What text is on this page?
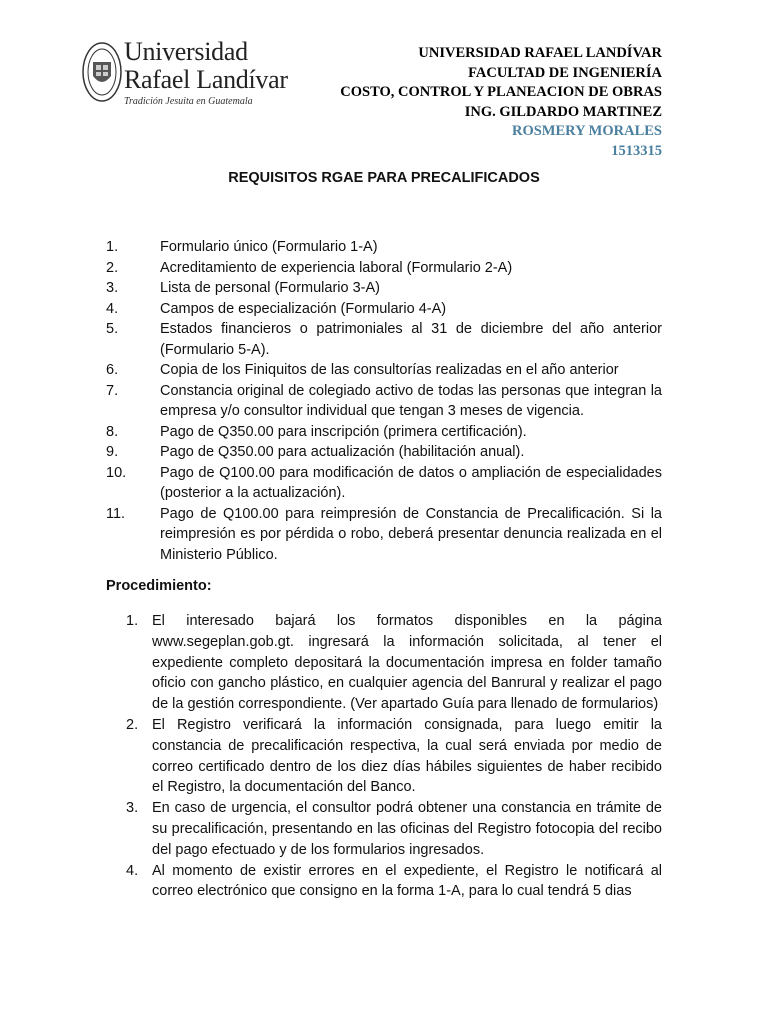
Universidad
Rafael Landívar
Tradición Jesuita en Guatemala
UNIVERSIDAD RAFAEL LANDÍVAR
FACULTAD DE INGENIERÍA
COSTO, CONTROL Y PLANEACION DE OBRAS
ING. GILDARDO MARTINEZ
ROSMERY MORALES
1513315
REQUISITOS RGAE PARA PRECALIFICADOS
1.	Formulario único (Formulario 1-A)
2.	Acreditamiento de experiencia laboral (Formulario 2-A)
3.	Lista de personal (Formulario 3-A)
4.	Campos de especialización (Formulario 4-A)
5.	Estados financieros o patrimoniales al 31 de diciembre del año anterior (Formulario 5-A).
6.	Copia de los Finiquitos de las consultorías realizadas en el año anterior
7.	Constancia original de colegiado activo de todas las personas que integran la empresa y/o consultor individual que tengan 3 meses de vigencia.
8.	Pago de Q350.00 para inscripción (primera certificación).
9.	Pago de Q350.00 para actualización (habilitación anual).
10. Pago de Q100.00 para modificación de datos o ampliación de especialidades (posterior a la actualización).
11. Pago de Q100.00 para reimpresión de Constancia de Precalificación. Si la reimpresión es por pérdida o robo, deberá presentar denuncia realizada en el Ministerio Público.
Procedimiento:
1. El interesado bajará los formatos disponibles en la página www.segeplan.gob.gt. ingresará la información solicitada, al tener el expediente completo depositará la documentación impresa en folder tamaño oficio con gancho plástico, en cualquier agencia del Banrural y realizar el pago de la gestión correspondiente. (Ver apartado Guía para llenado de formularios)
2. El Registro verificará la información consignada, para luego emitir la constancia de precalificación respectiva, la cual será enviada por medio de correo certificado dentro de los diez días hábiles siguientes de haber recibido el Registro, la documentación del Banco.
3. En caso de urgencia, el consultor podrá obtener una constancia en trámite de su precalificación, presentando en las oficinas del Registro fotocopia del recibo del pago efectuado y de los formularios ingresados.
4. Al momento de existir errores en el expediente, el Registro le notificará al correo electrónico que consigno en la forma 1-A, para lo cual tendrá 5 dias
